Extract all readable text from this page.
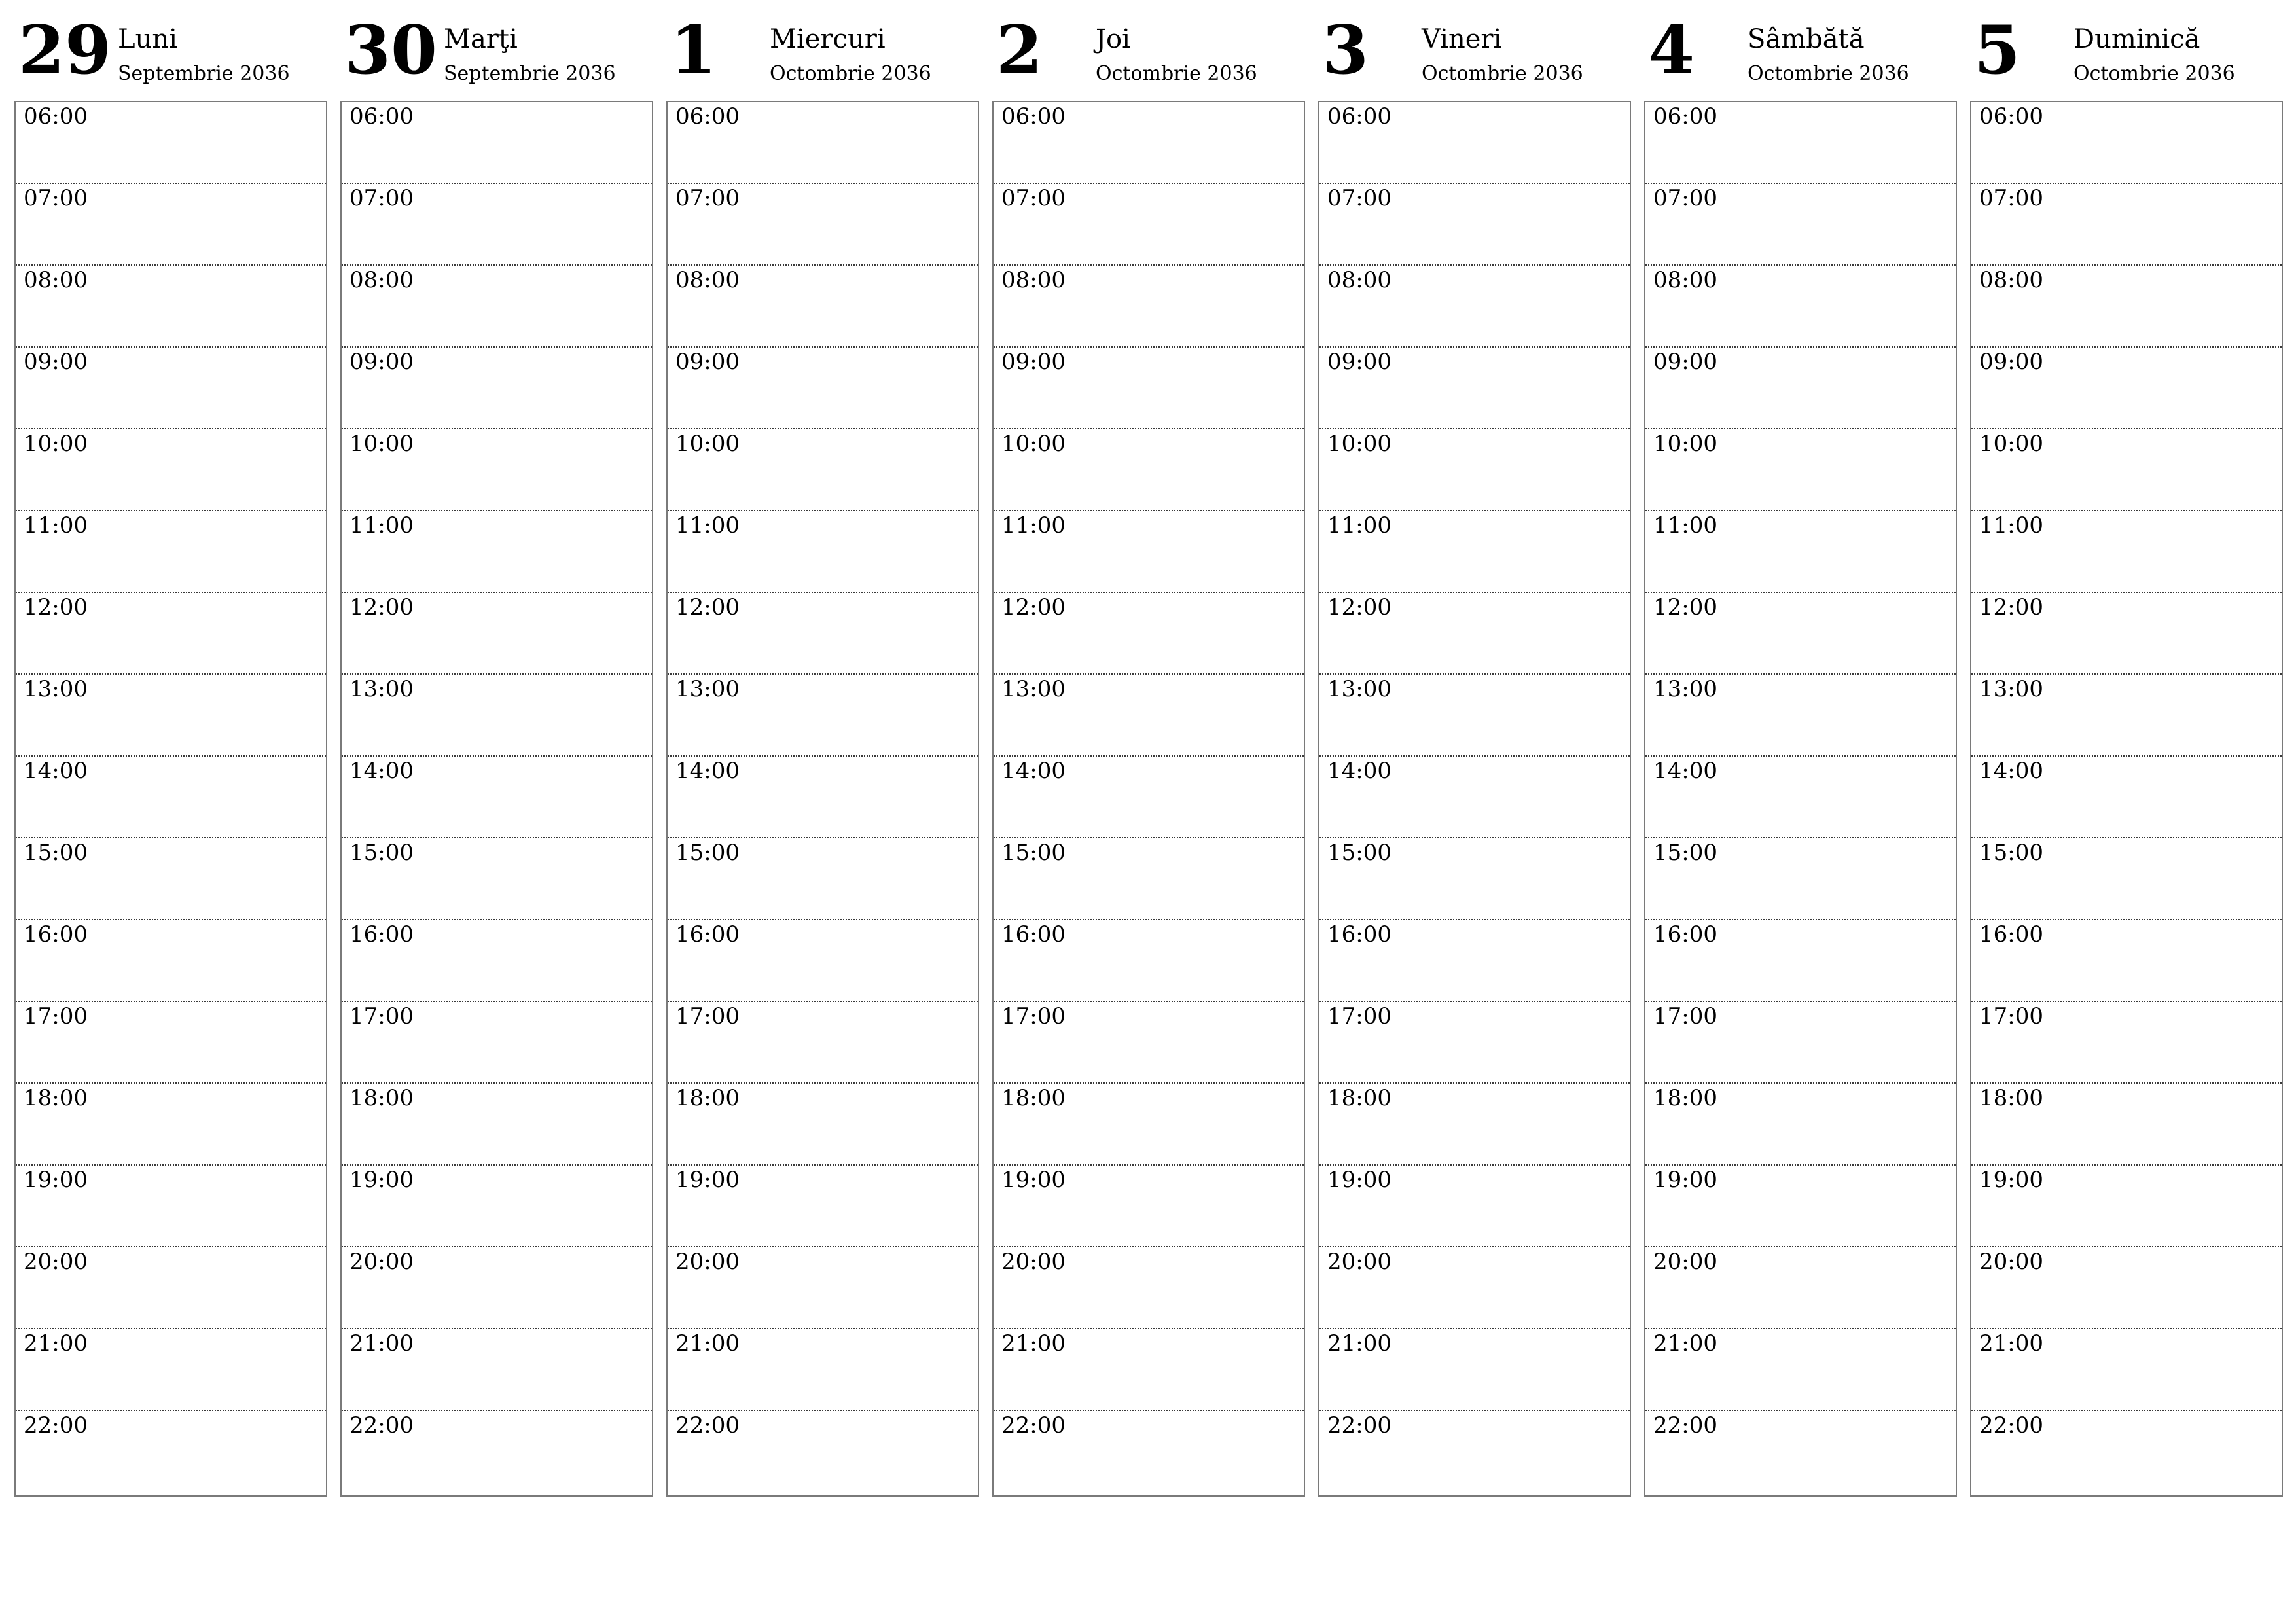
29 Luni
Septembrie 2036
06:00
07:00
08:00
09:00
10:00
11:00
12:00
13:00
14:00
15:00
16:00
17:00
18:00
19:00
20:00
21:00
22:00
30 Marţi
Septembrie 2036
06:00
07:00
08:00
09:00
10:00
11:00
12:00
13:00
14:00
15:00
16:00
17:00
18:00
19:00
20:00
21:00
22:00
1 Miercuri
Octombrie 2036
06:00
07:00
08:00
09:00
10:00
11:00
12:00
13:00
14:00
15:00
16:00
17:00
18:00
19:00
20:00
21:00
22:00
2 Joi
Octombrie 2036
06:00
07:00
08:00
09:00
10:00
11:00
12:00
13:00
14:00
15:00
16:00
17:00
18:00
19:00
20:00
21:00
22:00
3 Vineri
Octombrie 2036
06:00
07:00
08:00
09:00
10:00
11:00
12:00
13:00
14:00
15:00
16:00
17:00
18:00
19:00
20:00
21:00
22:00
4 Sâmbătă
Octombrie 2036
06:00
07:00
08:00
09:00
10:00
11:00
12:00
13:00
14:00
15:00
16:00
17:00
18:00
19:00
20:00
21:00
22:00
5 Duminică
Octombrie 2036
06:00
07:00
08:00
09:00
10:00
11:00
12:00
13:00
14:00
15:00
16:00
17:00
18:00
19:00
20:00
21:00
22:00
